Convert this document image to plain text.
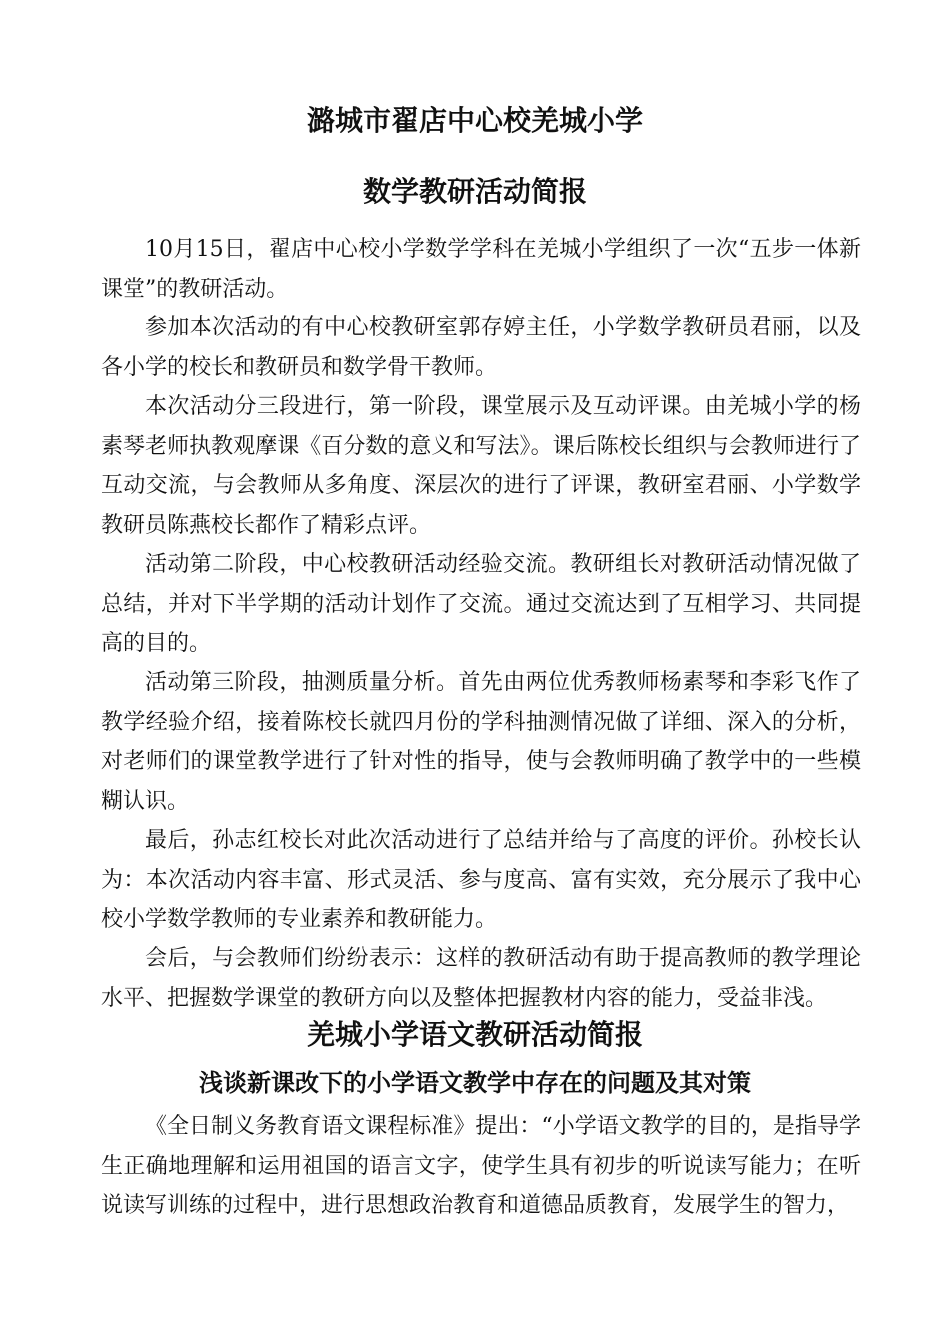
潞城市翟店中心校羌城小学
数学教研活动简报

10月15日，翟店中心校小学数学学科在羌城小学组织了一次“五步一体新课堂”的教研活动。

参加本次活动的有中心校教研室郭存婷主任，小学数学教研员君丽，以及各小学的校长和教研员和数学骨干教师。

本次活动分三段进行，第一阶段，课堂展示及互动评课。由羌城小学的杨素琴老师执教观摩课《百分数的意义和写法》。课后陈校长组织与会教师进行了互动交流，与会教师从多角度、深层次的进行了评课，教研室君丽、小学数学教研员陈燕校长都作了精彩点评。

活动第二阶段，中心校教研活动经验交流。教研组长对教研活动情况做了总结，并对下半学期的活动计划作了交流。通过交流达到了互相学习、共同提高的目的。

活动第三阶段，抽测质量分析。首先由两位优秀教师杨素琴和李彩飞作了教学经验介绍，接着陈校长就四月份的学科抽测情况做了详细、深入的分析，对老师们的课堂教学进行了针对性的指导，使与会教师明确了教学中的一些模糊认识。

最后，孙志红校长对此次活动进行了总结并给与了高度的评价。孙校长认为：本次活动内容丰富、形式灵活、参与度高、富有实效，充分展示了我中心校小学数学教师的专业素养和教研能力。

会后，与会教师们纷纷表示：这样的教研活动有助于提高教师的教学理论水平、把握数学课堂的教研方向以及整体把握教材内容的能力，受益非浅。

羌城小学语文教研活动简报
浅谈新课改下的小学语文教学中存在的问题及其对策

《全日制义务教育语文课程标准》提出：“小学语文教学的目的，是指导学生正确地理解和运用祖国的语言文字，使学生具有初步的听说读写能力；在听说读写训练的过程中，进行思想政治教育和道德品质教育，发展学生的智力，
